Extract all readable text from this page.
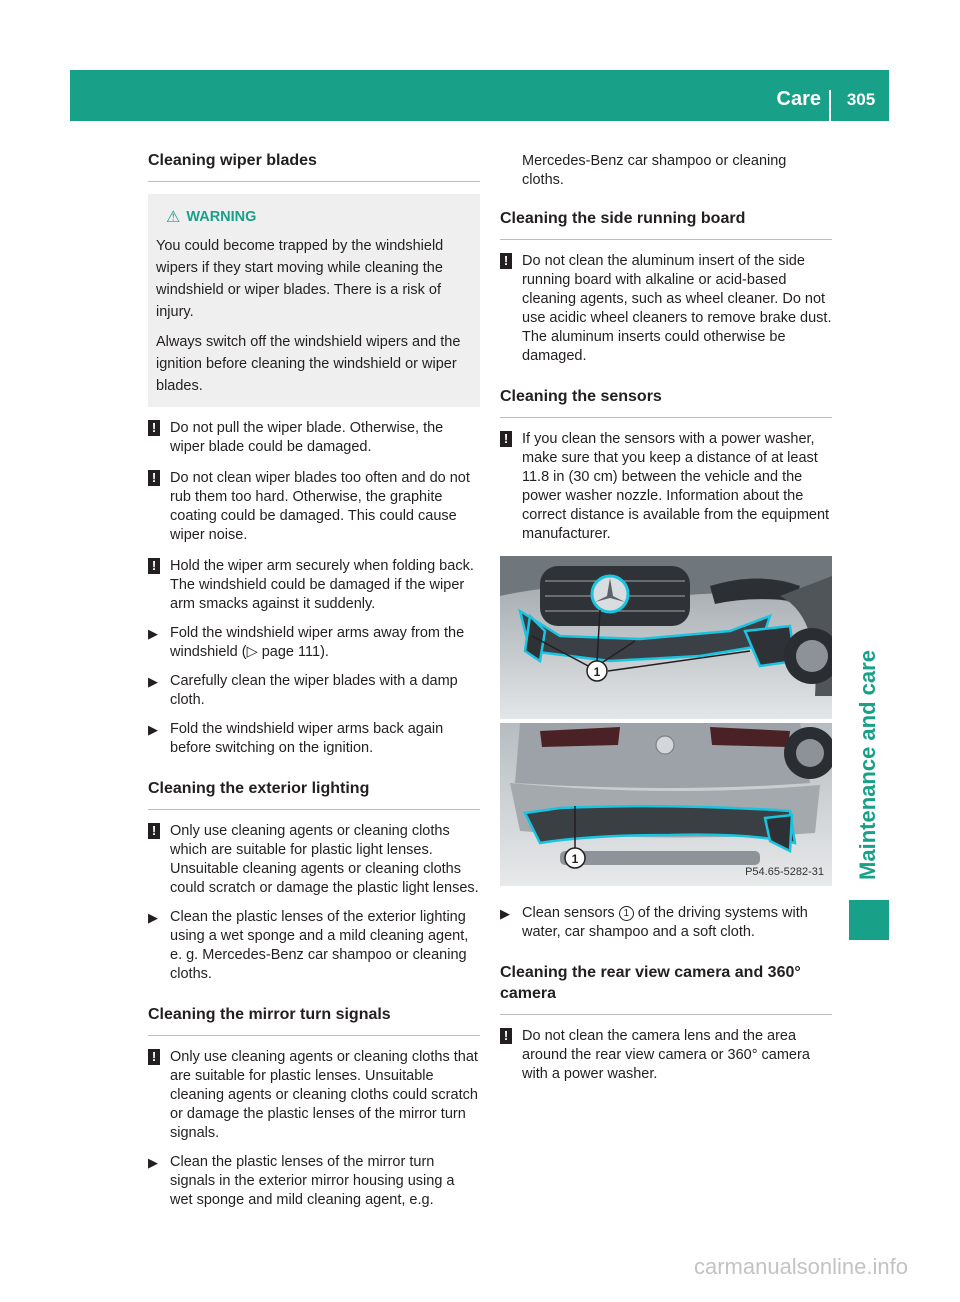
Care	305
Maintenance and care
Cleaning wiper blades
⚠ WARNING

You could become trapped by the windshield wipers if they start moving while cleaning the windshield or wiper blades. There is a risk of injury.

Always switch off the windshield wipers and the ignition before cleaning the windshield or wiper blades.

! Do not pull the wiper blade. Otherwise, the wiper blade could be damaged.
! Do not clean wiper blades too often and do not rub them too hard. Otherwise, the graphite coating could be damaged. This could cause wiper noise.
! Hold the wiper arm securely when folding back. The windshield could be damaged if the wiper arm smacks against it suddenly.
▶ Fold the windshield wiper arms away from the windshield (▷ page 111).
▶ Carefully clean the wiper blades with a damp cloth.
▶ Fold the windshield wiper arms back again before switching on the ignition.
Cleaning the exterior lighting
! Only use cleaning agents or cleaning cloths which are suitable for plastic light lenses. Unsuitable cleaning agents or cleaning cloths could scratch or damage the plastic light lenses.
▶ Clean the plastic lenses of the exterior lighting using a wet sponge and a mild cleaning agent, e. g. Mercedes-Benz car shampoo or cleaning cloths.
Cleaning the mirror turn signals
! Only use cleaning agents or cleaning cloths that are suitable for plastic lenses. Unsuitable cleaning agents or cleaning cloths could scratch or damage the plastic lenses of the mirror turn signals.
▶ Clean the plastic lenses of the mirror turn signals in the exterior mirror housing using a wet sponge and mild cleaning agent, e.g.
Mercedes-Benz car shampoo or cleaning cloths.
Cleaning the side running board
! Do not clean the aluminum insert of the side running board with alkaline or acid-based cleaning agents, such as wheel cleaner. Do not use acidic wheel cleaners to remove brake dust. The aluminum inserts could otherwise be damaged.
Cleaning the sensors
! If you clean the sensors with a power washer, make sure that you keep a distance of at least 11.8 in (30 cm) between the vehicle and the power washer nozzle. Information about the correct distance is available from the equipment manufacturer.
1
1
P54.65-5282-31
▶ Clean sensors 1 of the driving systems with water, car shampoo and a soft cloth.
Cleaning the rear view camera and 360° camera
! Do not clean the camera lens and the area around the rear view camera or 360° camera with a power washer.
carmanualsonline.info
